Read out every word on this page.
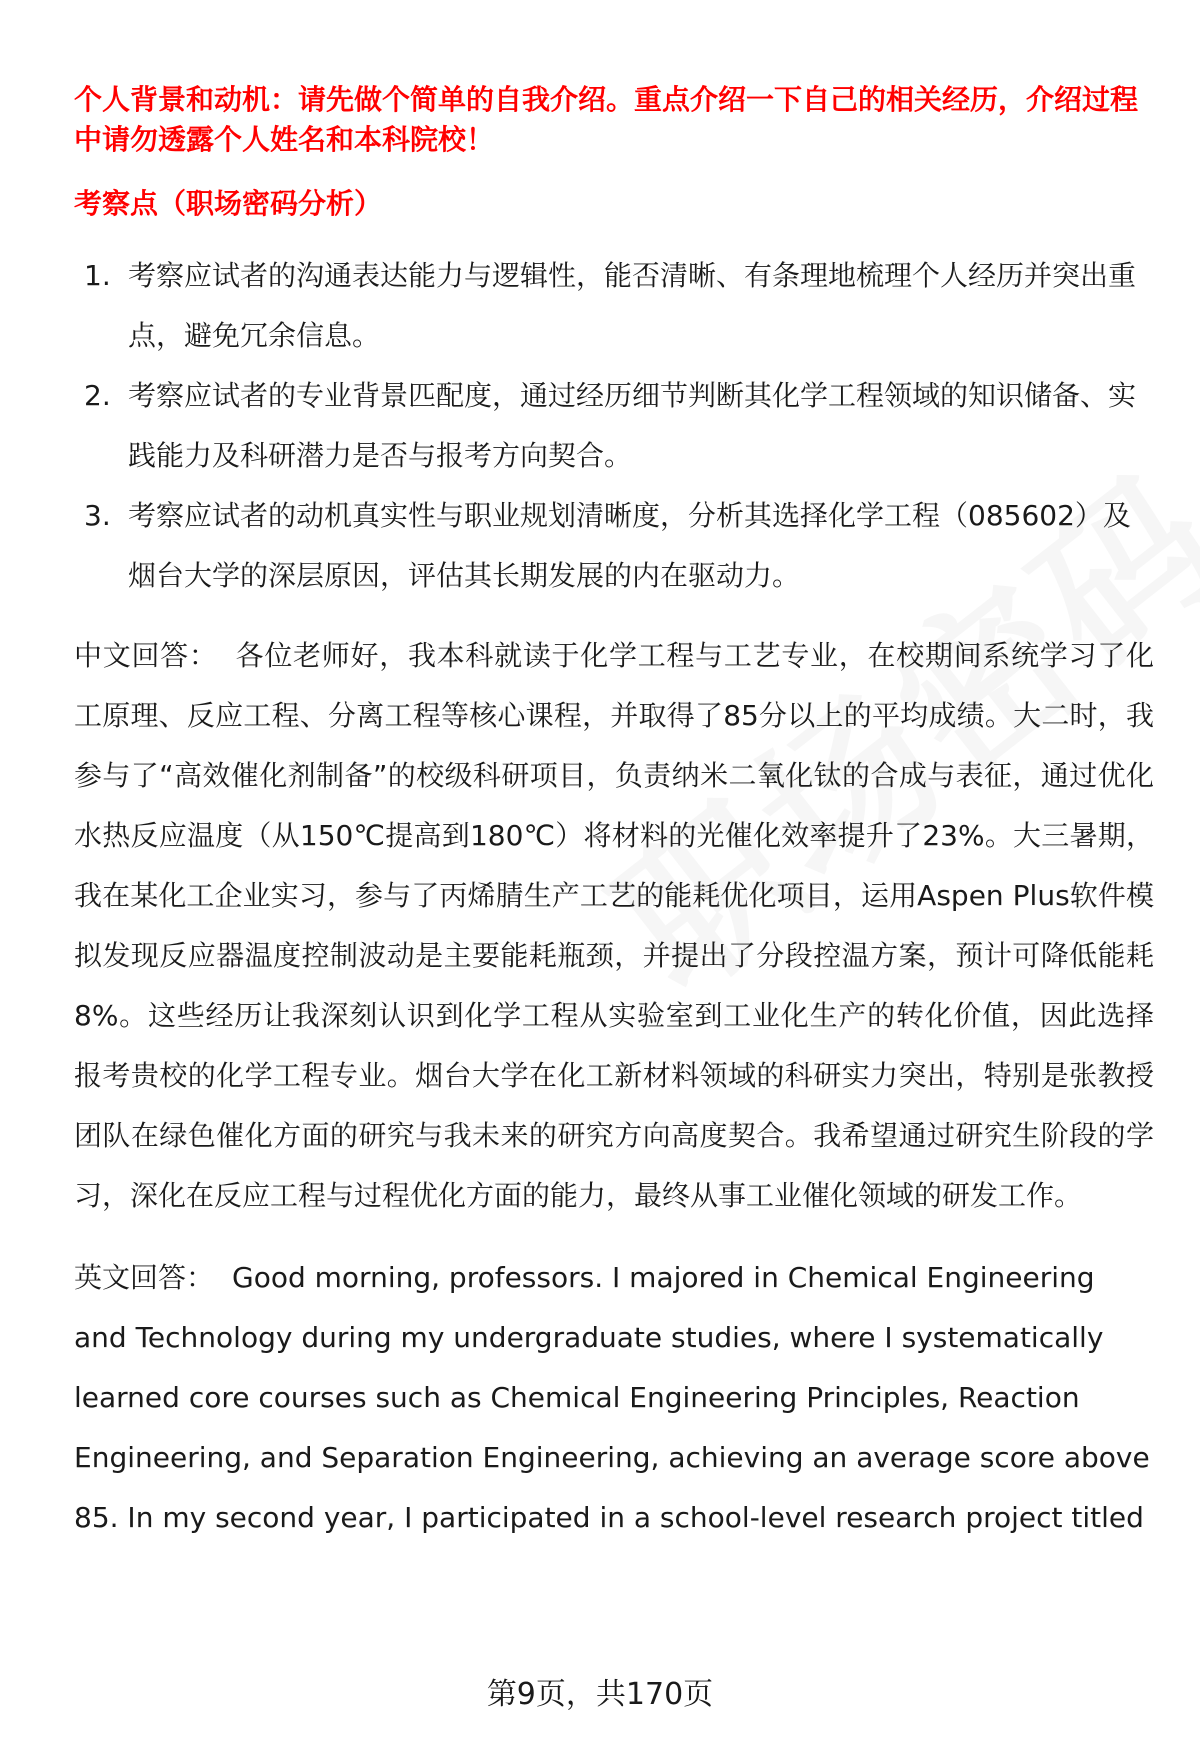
个人背景和动机：请先做个简单的自我介绍。重点介绍一下自己的相关经历，介绍过程中请勿透露个人姓名和本科院校！

考察点（职场密码分析）

1. 考察应试者的沟通表达能力与逻辑性，能否清晰、有条理地梳理个人经历并突出重点，避免冗余信息。
2. 考察应试者的专业背景匹配度，通过经历细节判断其化学工程领域的知识储备、实践能力及科研潜力是否与报考方向契合。
3. 考察应试者的动机真实性与职业规划清晰度，分析其选择化学工程（085602）及烟台大学的深层原因，评估其长期发展的内在驱动力。

中文回答： 各位老师好，我本科就读于化学工程与工艺专业，在校期间系统学习了化工原理、反应工程、分离工程等核心课程，并取得了85分以上的平均成绩。大二时，我参与了“高效催化剂制备”的校级科研项目，负责纳米二氧化钛的合成与表征，通过优化水热反应温度（从150℃提高到180℃）将材料的光催化效率提升了23%。大三暑期，我在某化工企业实习，参与了丙烯腈生产工艺的能耗优化项目，运用Aspen Plus软件模拟发现反应器温度控制波动是主要能耗瓶颈，并提出了分段控温方案，预计可降低能耗8%。这些经历让我深刻认识到化学工程从实验室到工业化生产的转化价值，因此选择报考贵校的化学工程专业。烟台大学在化工新材料领域的科研实力突出，特别是张教授团队在绿色催化方面的研究与我未来的研究方向高度契合。我希望通过研究生阶段的学习，深化在反应工程与过程优化方面的能力，最终从事工业催化领域的研发工作。

英文回答： Good morning, professors. I majored in Chemical Engineering and Technology during my undergraduate studies, where I systematically learned core courses such as Chemical Engineering Principles, Reaction Engineering, and Separation Engineering, achieving an average score above 85. In my second year, I participated in a school-level research project titled

第9页，共170页
